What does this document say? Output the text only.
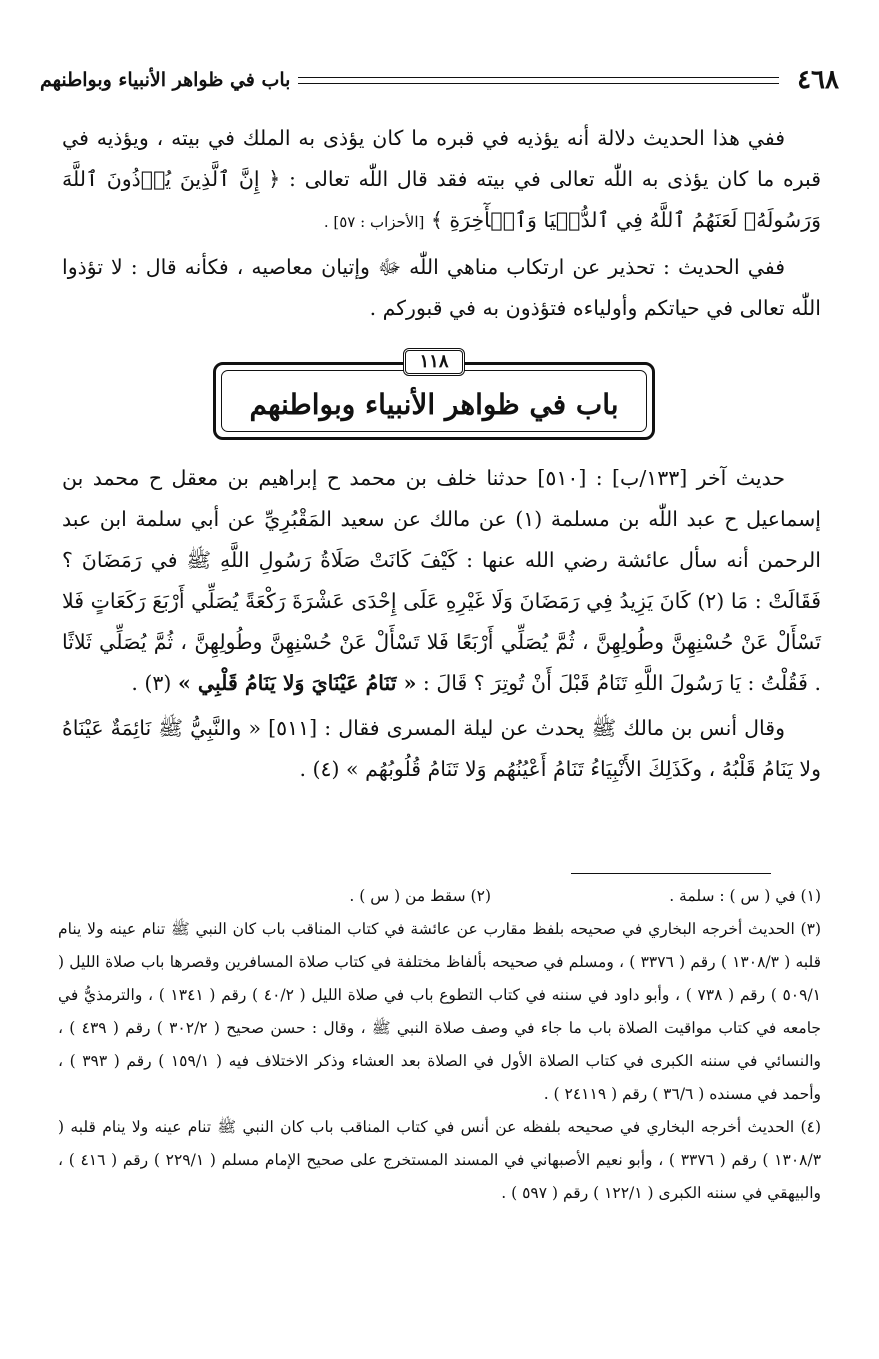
٤٦٨
باب في ظواهر الأنبياء وبواطنهم

ففي هذا الحديث دلالة أنه يؤذيه في قبره ما كان يؤذى به الملك في بيته ، ويؤذيه في قبره ما كان يؤذى به اللّٰه تعالى في بيته فقد قال اللّٰه تعالى : ﴿ إِنَّ ٱلَّذِينَ يُؤۡذُونَ ٱللَّهَ وَرَسُولَهُۥ لَعَنَهُمُ ٱللَّهُ فِي ٱلدُّنۡيَا وَٱلۡأٓخِرَةِ ﴾ [الأحزاب : ٥٧] .

ففي الحديث : تحذير عن ارتكاب مناهي اللّٰه ﷻ وإتيان معاصيه ، فكأنه قال : لا تؤذوا اللّٰه تعالى في حياتكم وأولياءه فتؤذون به في قبوركم .

١١٨
باب في ظواهر الأنبياء وبواطنهم

حديث آخر [١٣٣/ب] : [٥١٠] حدثنا خلف بن محمد ح إبراهيم بن معقل ح محمد بن إسماعيل ح عبد اللّٰه بن مسلمة (١) عن مالك عن سعيد المَقْبُرِيِّ عن أبي سلمة ابن عبد الرحمن أنه سأل عائشة رضي الله عنها : كَيْفَ كَانَتْ صَلَاةُ رَسُولِ اللَّهِ ﷺ في رَمَضَانَ ؟ فَقَالَتْ : مَا (٢) كَانَ يَزِيدُ فِي رَمَضَانَ وَلَا غَيْرِهِ عَلَى إِحْدَى عَشْرَةَ رَكْعَةً يُصَلِّي أَرْبَعَ رَكَعَاتٍ فَلا تَسْأَلْ عَنْ حُسْنِهِنَّ وطُولِهِنَّ ، ثُمَّ يُصَلِّي أَرْبَعًا فَلا تَسْأَلْ عَنْ حُسْنِهِنَّ وطُولِهِنَّ ، ثُمَّ يُصَلِّي ثَلاثًا . فَقُلْتُ : يَا رَسُولَ اللَّهِ تَنَامُ قَبْلَ أَنْ تُوتِرَ ؟ قَالَ : « تَنَامُ عَيْنَايَ وَلا يَنَامُ قَلْبِي » (٣) .

وقال أنس بن مالك ﷺ يحدث عن ليلة المسرى فقال : [٥١١] « والنَّبِيُّ ﷺ نَائِمَةٌ عَيْنَاهُ ولا يَنَامُ قَلْبُهُ ، وكَذَلِكَ الأَنْبِيَاءُ تَنَامُ أَعْيُنُهُم وَلا تَنَامُ قُلُوبُهُم » (٤) .

(١) في ( س ) : سلمة .
(٢) سقط من ( س ) .

(٣) الحديث أخرجه البخاري في صحيحه بلفظ مقارب عن عائشة في كتاب المناقب باب كان النبي ﷺ تنام عينه ولا ينام قلبه ( ١٣٠٨/٣ ) رقم ( ٣٣٧٦ ) ، ومسلم في صحيحه بألفاظ مختلفة في كتاب صلاة المسافرين وقصرها باب صلاة الليل ( ٥٠٩/١ ) رقم ( ٧٣٨ ) ، وأبو داود في سننه في كتاب التطوع باب في صلاة الليل ( ٤٠/٢ ) رقم ( ١٣٤١ ) ، والترمذيُّ في جامعه في كتاب مواقيت الصلاة باب ما جاء في وصف صلاة النبي ﷺ ، وقال : حسن صحيح ( ٣٠٢/٢ ) رقم ( ٤٣٩ ) ، والنسائي في سننه الكبرى في كتاب الصلاة الأول في الصلاة بعد العشاء وذكر الاختلاف فيه ( ١٥٩/١ ) رقم ( ٣٩٣ ) ، وأحمد في مسنده ( ٣٦/٦ ) رقم ( ٢٤١١٩ ) .

(٤) الحديث أخرجه البخاري في صحيحه بلفظه عن أنس في كتاب المناقب باب كان النبي ﷺ تنام عينه ولا ينام قلبه ( ١٣٠٨/٣ ) رقم ( ٣٣٧٦ ) ، وأبو نعيم الأصبهاني في المسند المستخرج على صحيح الإمام مسلم ( ٢٢٩/١ ) رقم ( ٤١٦ ) ، والبيهقي في سننه الكبرى ( ١٢٢/١ ) رقم ( ٥٩٧ ) .
